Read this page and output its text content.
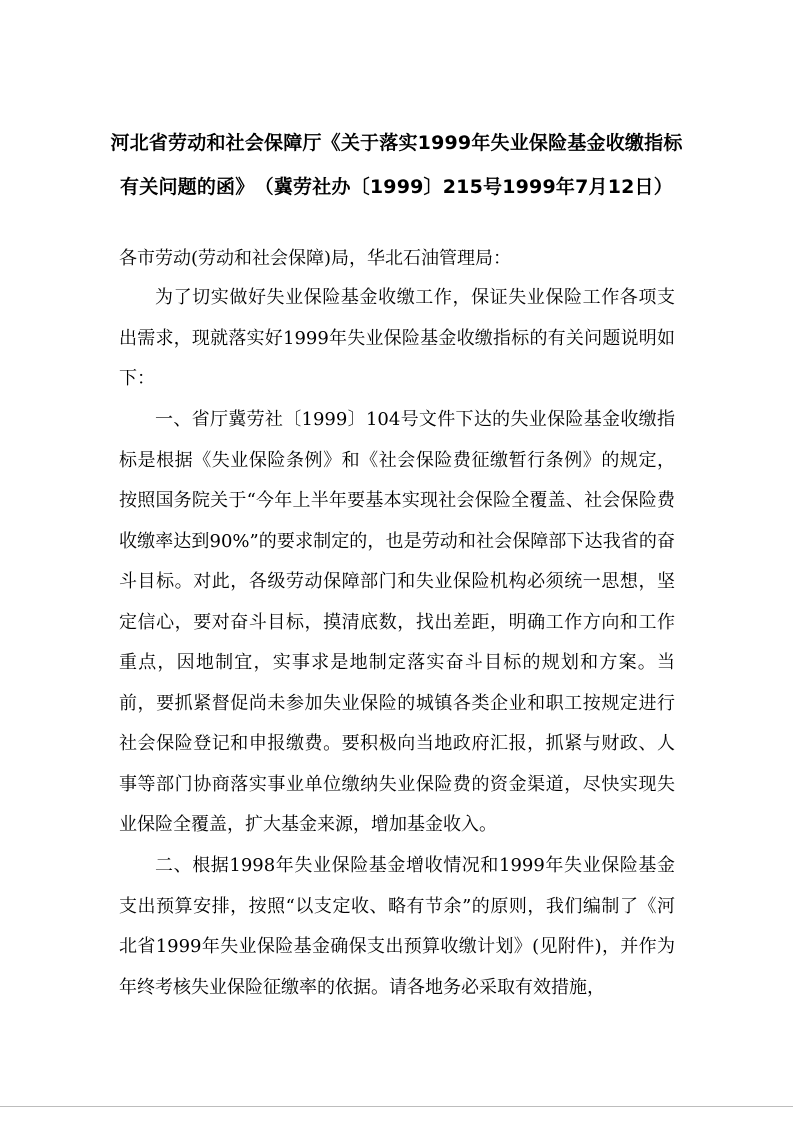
河北省劳动和社会保障厅《关于落实1999年失业保险基金收缴指标
有关问题的函》　（冀劳社办〔1999〕215号1999年7月12日）
各市劳动(劳动和社会保障)局，华北石油管理局：
为了切实做好失业保险基金收缴工作，保证失业保险工作各项支出需求，现就落实好1999年失业保险基金收缴指标的有关问题说明如下：
一、省厅冀劳社〔1999〕104号文件下达的失业保险基金收缴指标是根据《失业保险条例》和《社会保险费征缴暂行条例》的规定，按照国务院关于“今年上半年要基本实现社会保险全覆盖、社会保险费收缴率达到90%”的要求制定的，也是劳动和社会保障部下达我省的奋斗目标。对此，各级劳动保障部门和失业保险机构必须统一思想，坚定信心，要对奋斗目标，摸清底数，找出差距，明确工作方向和工作重点，因地制宜，实事求是地制定落实奋斗目标的规划和方案。当前，要抓紧督促尚未参加失业保险的城镇各类企业和职工按规定进行社会保险登记和申报缴费。要积极向当地政府汇报，抓紧与财政、人事等部门协商落实事业单位缴纳失业保险费的资金渠道，尽快实现失业保险全覆盖，扩大基金来源，增加基金收入。
二、根据1998年失业保险基金增收情况和1999年失业保险基金支出预算安排，按照“以支定收、略有节余”的原则，我们编制了《河北省1999年失业保险基金确保支出预算收缴计划》(见附件)，并作为年终考核失业保险征缴率的依据。请各地务必采取有效措施，
